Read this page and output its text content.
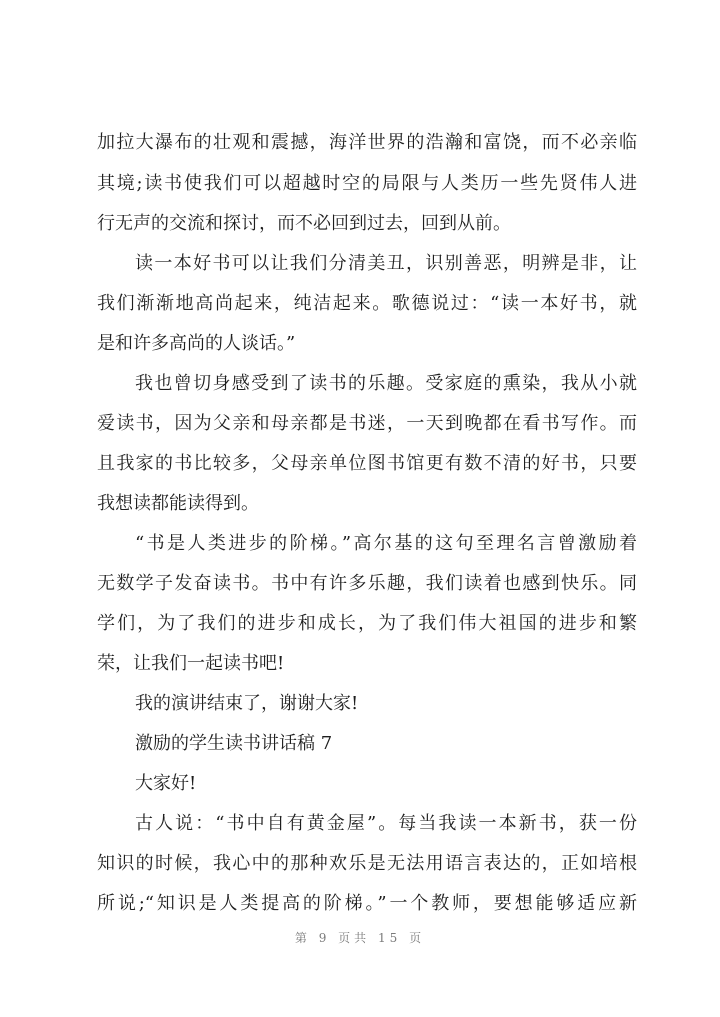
加拉大瀑布的壮观和震撼，海洋世界的浩瀚和富饶，而不必亲临
其境;读书使我们可以超越时空的局限与人类历一些先贤伟人进
行无声的交流和探讨，而不必回到过去，回到从前。
读一本好书可以让我们分清美丑，识别善恶，明辨是非，让
我们渐渐地高尚起来，纯洁起来。歌德说过：“读一本好书，就
是和许多高尚的人谈话。”
我也曾切身感受到了读书的乐趣。受家庭的熏染，我从小就
爱读书，因为父亲和母亲都是书迷，一天到晚都在看书写作。而
且我家的书比较多，父母亲单位图书馆更有数不清的好书，只要
我想读都能读得到。
“书是人类进步的阶梯。”高尔基的这句至理名言曾激励着
无数学子发奋读书。书中有许多乐趣，我们读着也感到快乐。同
学们，为了我们的进步和成长，为了我们伟大祖国的进步和繁
荣，让我们一起读书吧!
我的演讲结束了，谢谢大家!
激励的学生读书讲话稿 7
大家好!
古人说：“书中自有黄金屋”。每当我读一本新书，获一份
知识的时候，我心中的那种欢乐是无法用语言表达的，正如培根
所说;“知识是人类提高的阶梯。”一个教师，要想能够适应新
第 9 页共 15 页
